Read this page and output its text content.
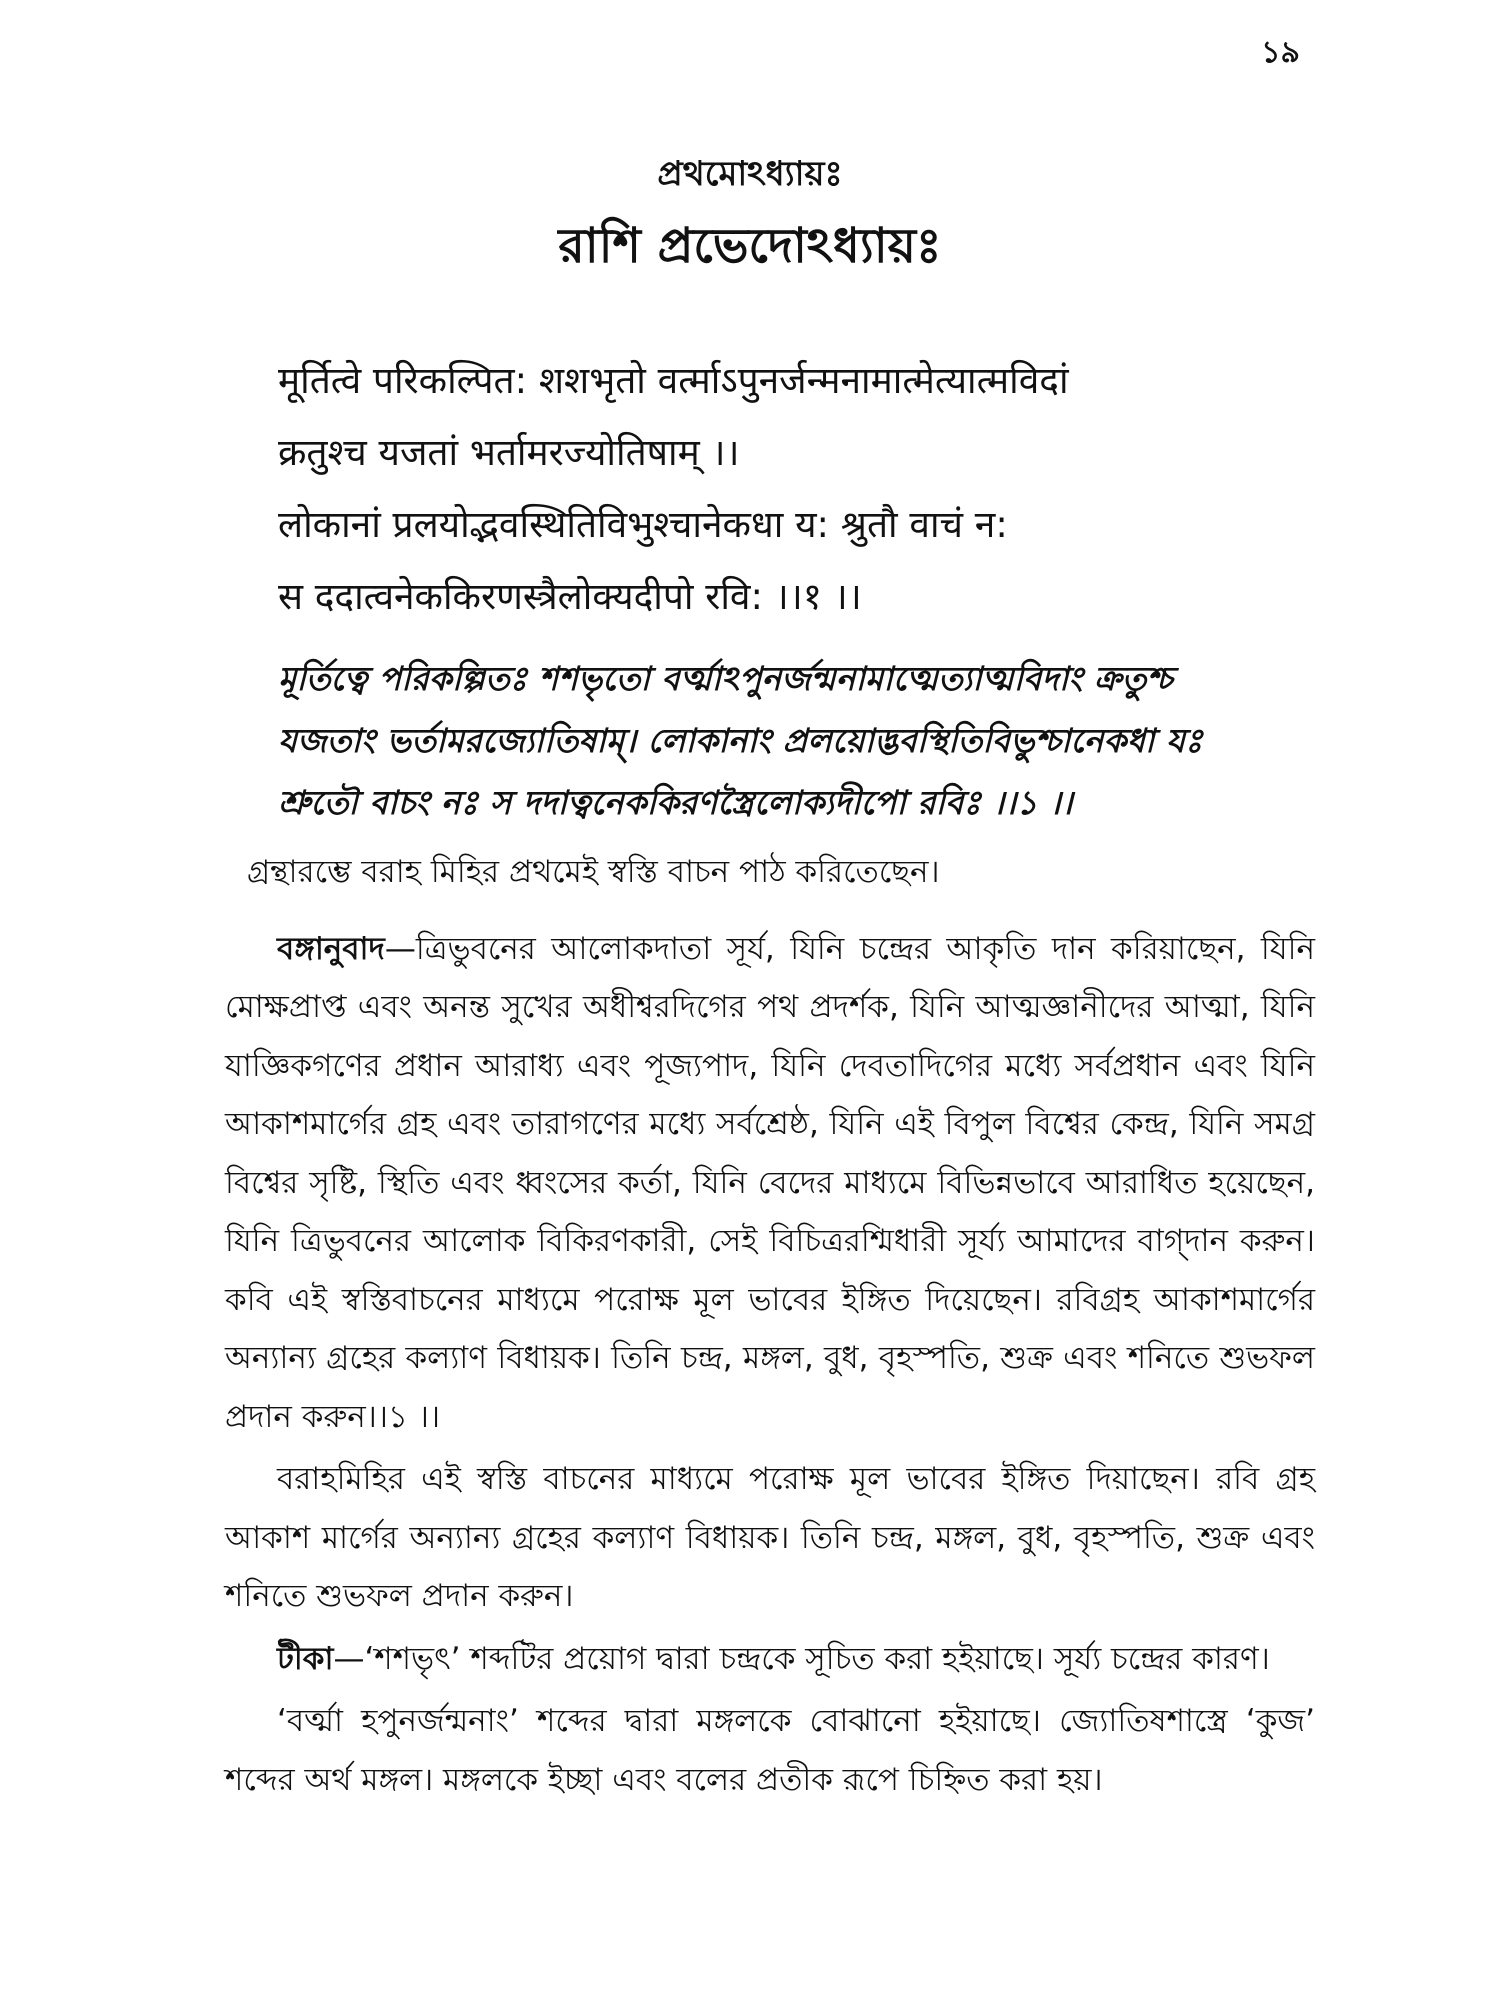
১৯
প্রথমোঽধ্যায়ঃ
রাশি প্রভেদোঽধ্যায়ঃ
मूर्तित्वे परिकल्पित: शशभृतो वर्त्माऽपुनर्जन्मनामात्मेत्यात्मविदां
क्रतुश्च यजतां भर्तामरज्योतिषाम् ।।
लोकानां प्रलयोद्भवस्थितिविभुश्चानेकधा य: श्रुतौ वाचं न:
स ददात्वनेककिरणस्त्रैलोक्यदीपो रवि: ।।१ ।।
মূর্তিত্বে পরিকল্পিতঃ শশভৃতো বর্ত্মাঽপুনর্জন্মনামাত্মেত্যাত্মবিদাং ক্রতুশ্চ
যজতাং ভর্তামরজ্যোতিষাম্। লোকানাং প্রলয়োদ্ভবস্থিতিবিভুশ্চানেকধা যঃ
শ্রুতৌ বাচং নঃ স দদাত্বনেককিরণস্ত্রৈলোক্যদীপো রবিঃ ।।১ ।।

গ্রন্থারম্ভে বরাহ মিহির প্রথমেই স্বস্তি বাচন পাঠ করিতেছেন।

বঙ্গানুবাদ—ত্রিভুবনের আলোকদাতা সূর্য, যিনি চন্দ্রের আকৃতি দান করিয়াছেন, যিনি মোক্ষপ্রাপ্ত এবং অনন্ত সুখের অধীশ্বরদিগের পথ প্রদর্শক, যিনি আত্মজ্ঞানীদের আত্মা, যিনি যাজ্ঞিকগণের প্রধান আরাধ্য এবং পূজ্যপাদ, যিনি দেবতাদিগের মধ্যে সর্বপ্রধান এবং যিনি আকাশমার্গের গ্রহ এবং তারাগণের মধ্যে সর্বশ্রেষ্ঠ, যিনি এই বিপুল বিশ্বের কেন্দ্র, যিনি সমগ্র বিশ্বের সৃষ্টি, স্থিতি এবং ধ্বংসের কর্তা, যিনি বেদের মাধ্যমে বিভিন্নভাবে আরাধিত হয়েছেন, যিনি ত্রিভুবনের আলোক বিকিরণকারী, সেই বিচিত্ররশ্মিধারী সূর্য্য আমাদের বাগ্‌দান করুন। কবি এই স্বস্তিবাচনের মাধ্যমে পরোক্ষ মূল ভাবের ইঙ্গিত দিয়েছেন। রবিগ্রহ আকাশমার্গের অন্যান্য গ্রহের কল্যাণ বিধায়ক। তিনি চন্দ্র, মঙ্গল, বুধ, বৃহস্পতি, শুক্র এবং শনিতে শুভফল প্রদান করুন।।১ ।।

বরাহমিহির এই স্বস্তি বাচনের মাধ্যমে পরোক্ষ মূল ভাবের ইঙ্গিত দিয়াছেন। রবি গ্রহ আকাশ মার্গের অন্যান্য গ্রহের কল্যাণ বিধায়ক। তিনি চন্দ্র, মঙ্গল, বুধ, বৃহস্পতি, শুক্র এবং শনিতে শুভফল প্রদান করুন।

টীকা—‘শশভৃৎ’ শব্দটির প্রয়োগ দ্বারা চন্দ্রকে সূচিত করা হইয়াছে। সূর্য্য চন্দ্রের কারণ।

‘বর্ত্মা হপুনর্জন্মনাং’ শব্দের দ্বারা মঙ্গলকে বোঝানো হইয়াছে। জ্যোতিষশাস্ত্রে ‘কুজ’ শব্দের অর্থ মঙ্গল। মঙ্গলকে ইচ্ছা এবং বলের প্রতীক রূপে চিহ্নিত করা হয়।
